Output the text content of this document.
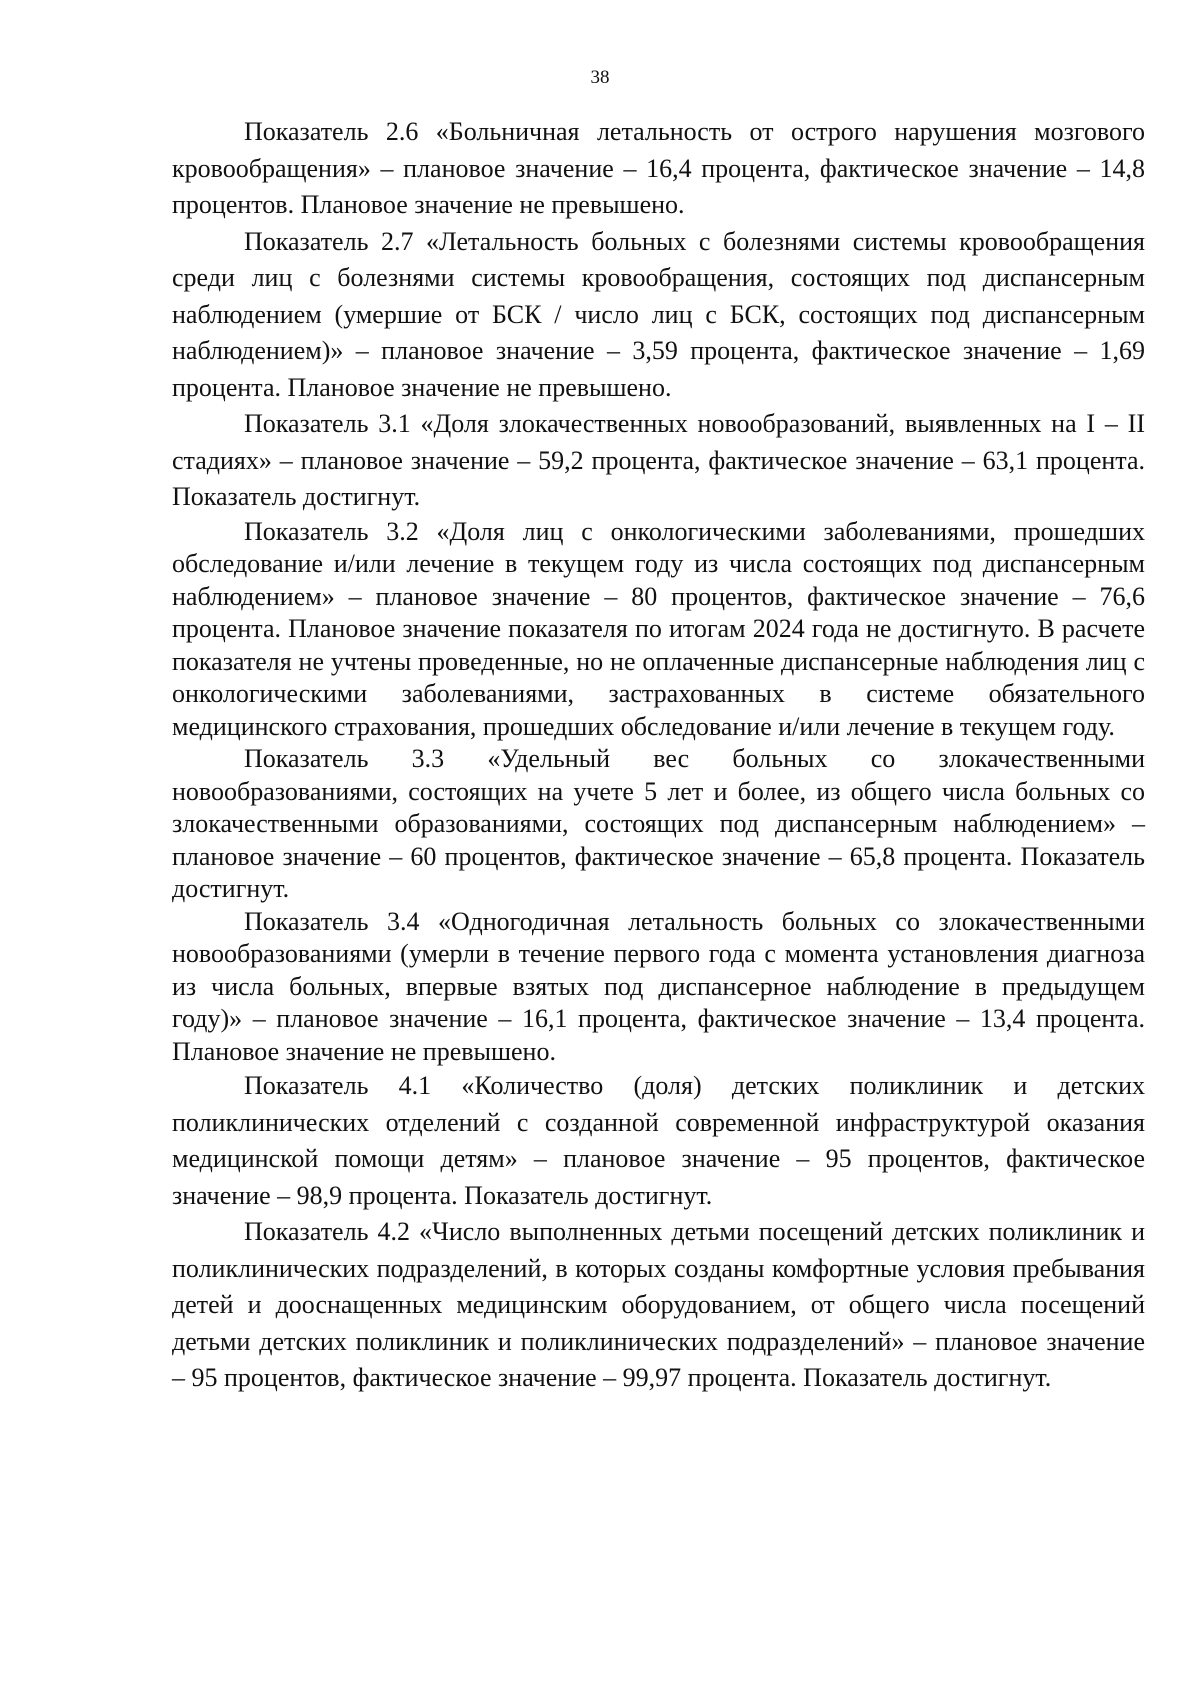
38

Показатель 2.6 «Больничная летальность от острого нарушения мозгового кровообращения» – плановое значение – 16,4 процента, фактическое значение – 14,8 процентов. Плановое значение не превышено.

Показатель 2.7 «Летальность больных с болезнями системы кровообращения среди лиц с болезнями системы кровообращения, состоящих под диспансерным наблюдением (умершие от БСК / число лиц с БСК, состоящих под диспансерным наблюдением)» – плановое значение – 3,59 процента, фактическое значение – 1,69 процента. Плановое значение не превышено.

Показатель 3.1 «Доля злокачественных новообразований, выявленных на I – II стадиях» – плановое значение – 59,2 процента, фактическое значение – 63,1 процента. Показатель достигнут.

Показатель 3.2 «Доля лиц с онкологическими заболеваниями, прошедших обследование и/или лечение в текущем году из числа состоящих под диспансерным наблюдением» – плановое значение – 80 процентов, фактическое значение – 76,6 процента. Плановое значение показателя по итогам 2024 года не достигнуто. В расчете показателя не учтены проведенные, но не оплаченные диспансерные наблюдения лиц с онкологическими заболеваниями, застрахованных в системе обязательного медицинского страхования, прошедших обследование и/или лечение в текущем году.

Показатель 3.3 «Удельный вес больных со злокачественными новообразованиями, состоящих на учете 5 лет и более, из общего числа больных со злокачественными образованиями, состоящих под диспансерным наблюдением» – плановое значение – 60 процентов, фактическое значение – 65,8 процента. Показатель достигнут.

Показатель 3.4 «Одногодичная летальность больных со злокачественными новообразованиями (умерли в течение первого года с момента установления диагноза из числа больных, впервые взятых под диспансерное наблюдение в предыдущем году)» – плановое значение – 16,1 процента, фактическое значение – 13,4 процента. Плановое значение не превышено.

Показатель 4.1 «Количество (доля) детских поликлиник и детских поликлинических отделений с созданной современной инфраструктурой оказания медицинской помощи детям» – плановое значение – 95 процентов, фактическое значение – 98,9 процента. Показатель достигнут.

Показатель 4.2 «Число выполненных детьми посещений детских поликлиник и поликлинических подразделений, в которых созданы комфортные условия пребывания детей и дооснащенных медицинским оборудованием, от общего числа посещений детьми детских поликлиник и поликлинических подразделений» – плановое значение – 95 процентов, фактическое значение – 99,97 процента. Показатель достигнут.
